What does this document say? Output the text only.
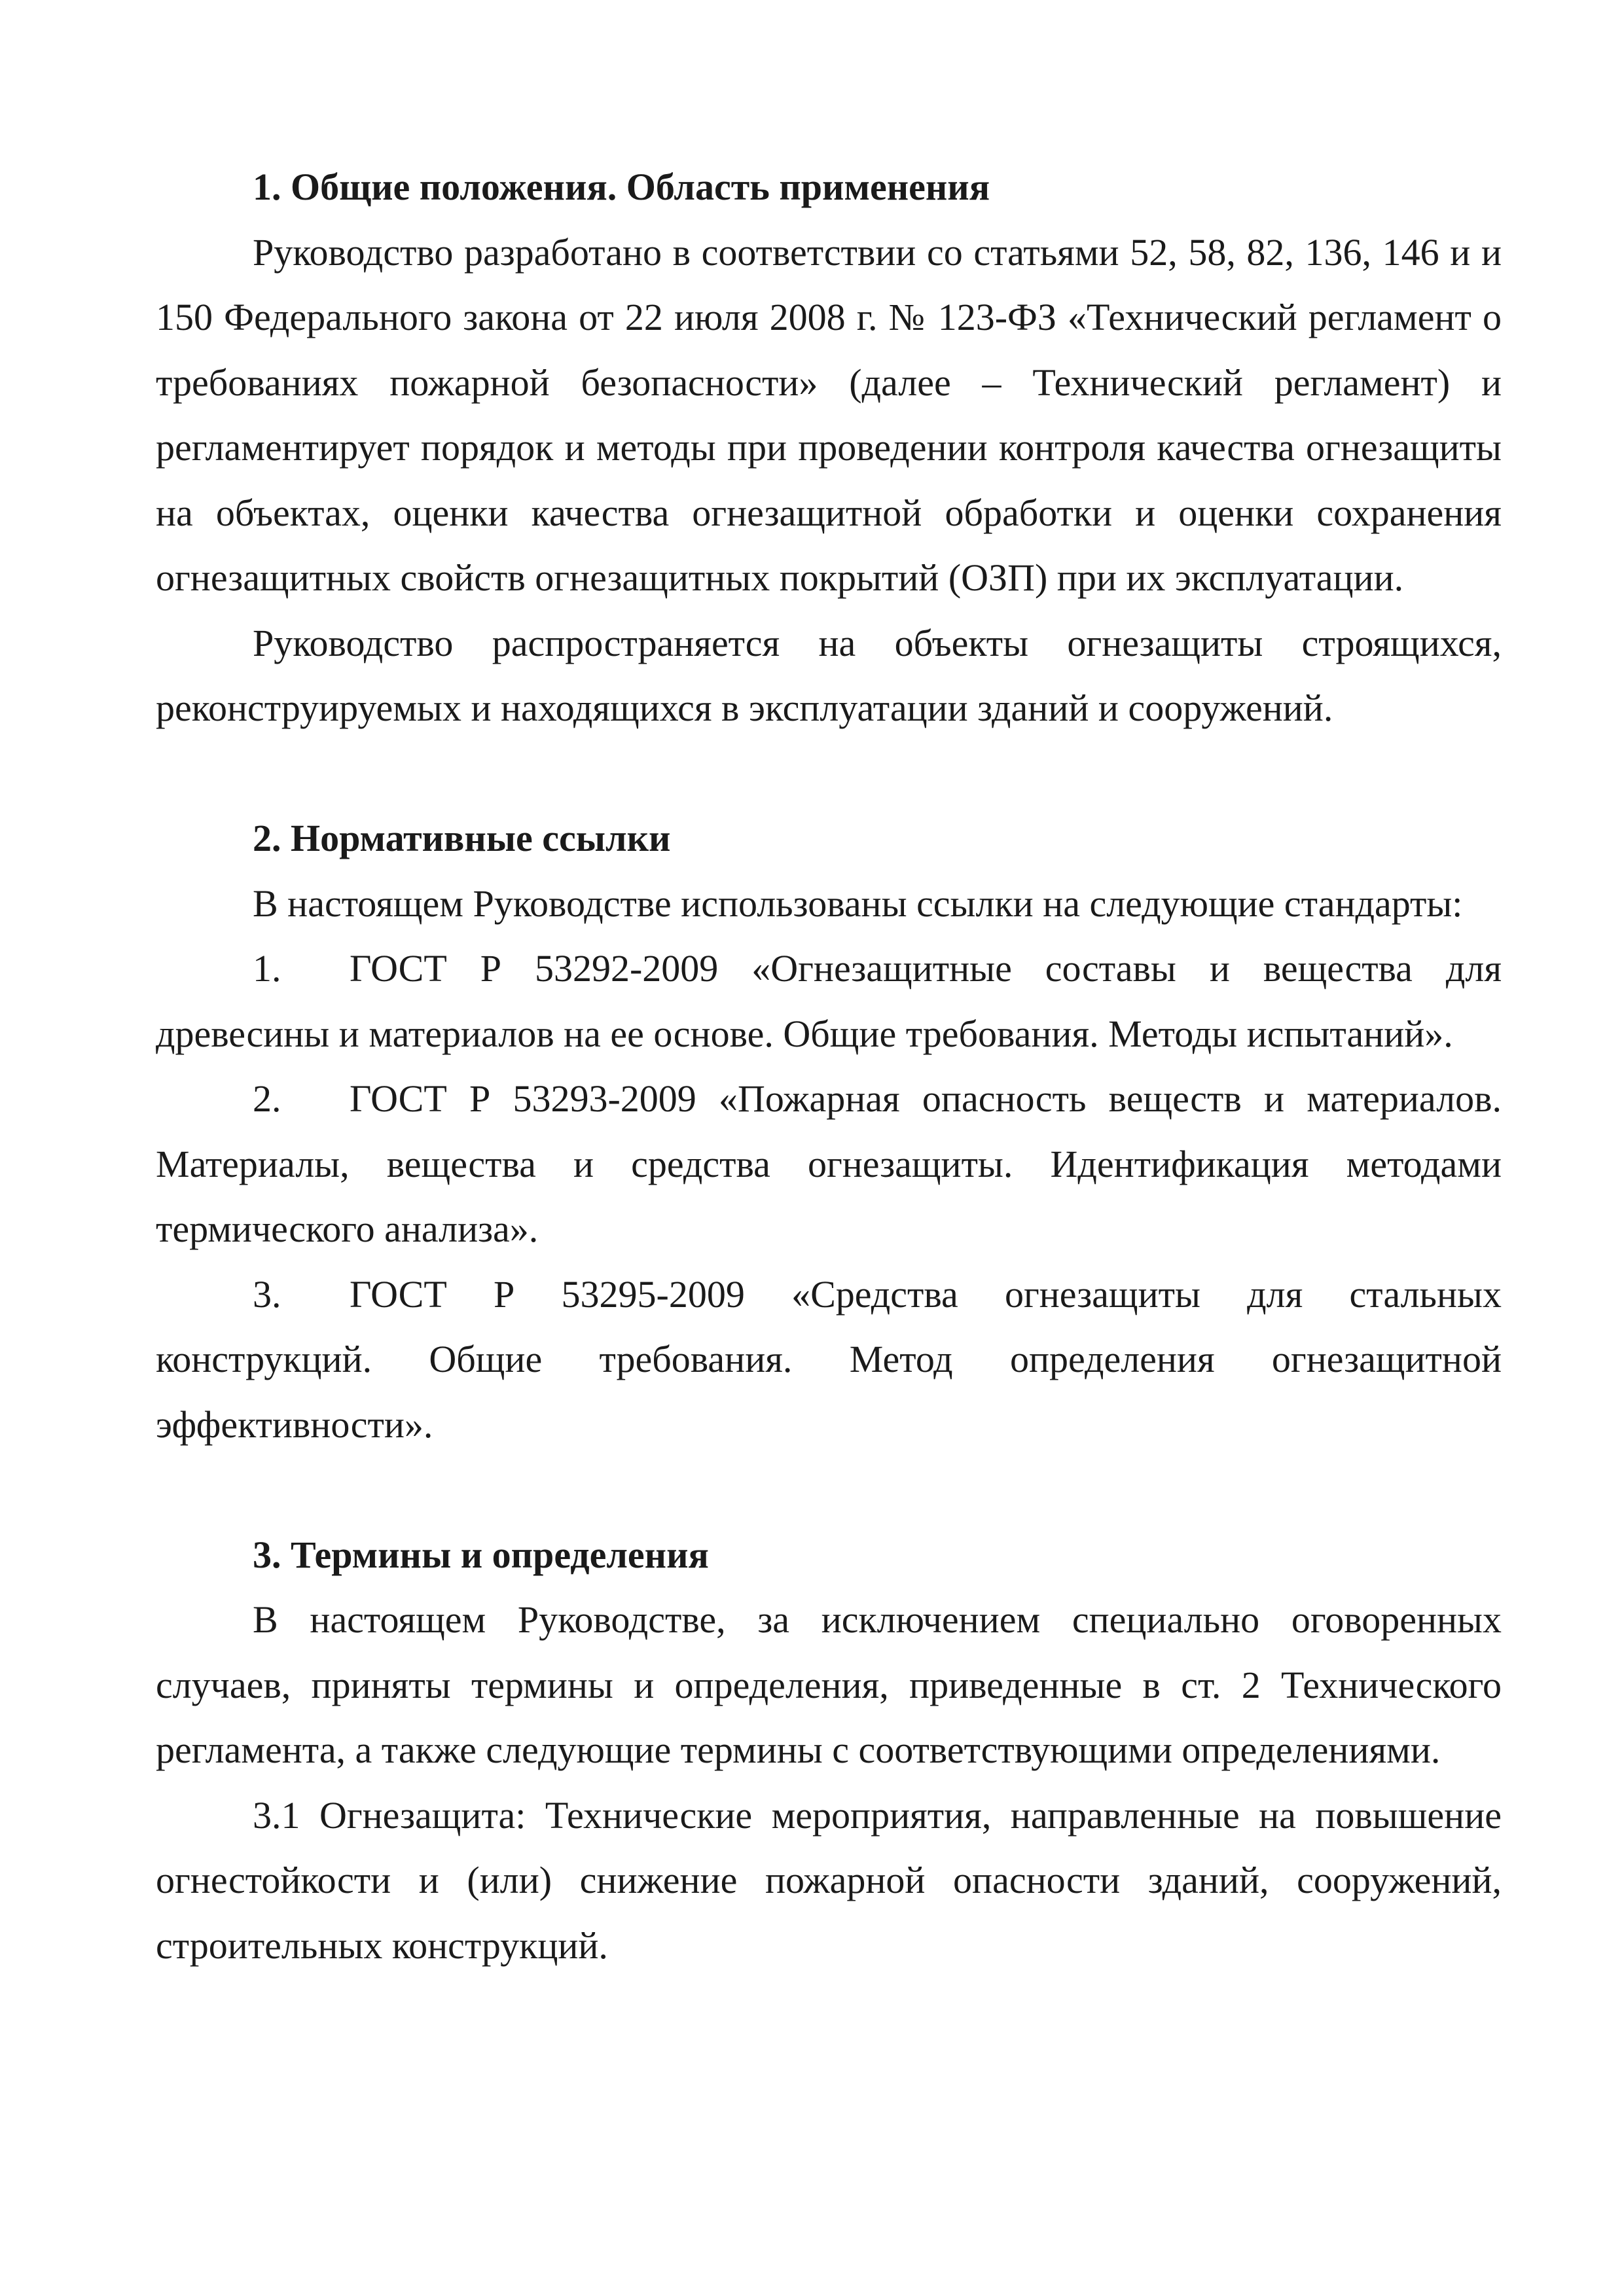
1. Общие положения. Область применения

Руководство разработано в соответствии со статьями 52, 58, 82, 136, 146 и и 150 Федерального закона от 22 июля 2008 г. № 123-ФЗ «Технический регламент о требованиях пожарной безопасности» (далее – Технический регламент) и регламентирует порядок и методы при проведении контроля качества огнезащиты на объектах, оценки качества огнезащитной обработки и оценки сохранения огнезащитных свойств огнезащитных покрытий (ОЗП) при их эксплуатации.

Руководство распространяется на объекты огнезащиты строящихся, реконструируемых и находящихся в эксплуатации зданий и сооружений.

2. Нормативные ссылки

В настоящем Руководстве использованы ссылки на следующие стандарты:

1. ГОСТ Р 53292-2009 «Огнезащитные составы и вещества для древесины и материалов на ее основе. Общие требования. Методы испытаний».

2. ГОСТ Р 53293-2009 «Пожарная опасность веществ и материалов. Материалы, вещества и средства огнезащиты. Идентификация методами термического анализа».

3. ГОСТ Р 53295-2009 «Средства огнезащиты для стальных конструкций. Общие требования. Метод определения огнезащитной эффективности».

3. Термины и определения

В настоящем Руководстве, за исключением специально оговоренных случаев, приняты термины и определения, приведенные в ст. 2 Технического регламента, а также следующие термины с соответствующими определениями.

3.1 Огнезащита: Технические мероприятия, направленные на повышение огнестойкости и (или) снижение пожарной опасности зданий, сооружений, строительных конструкций.
